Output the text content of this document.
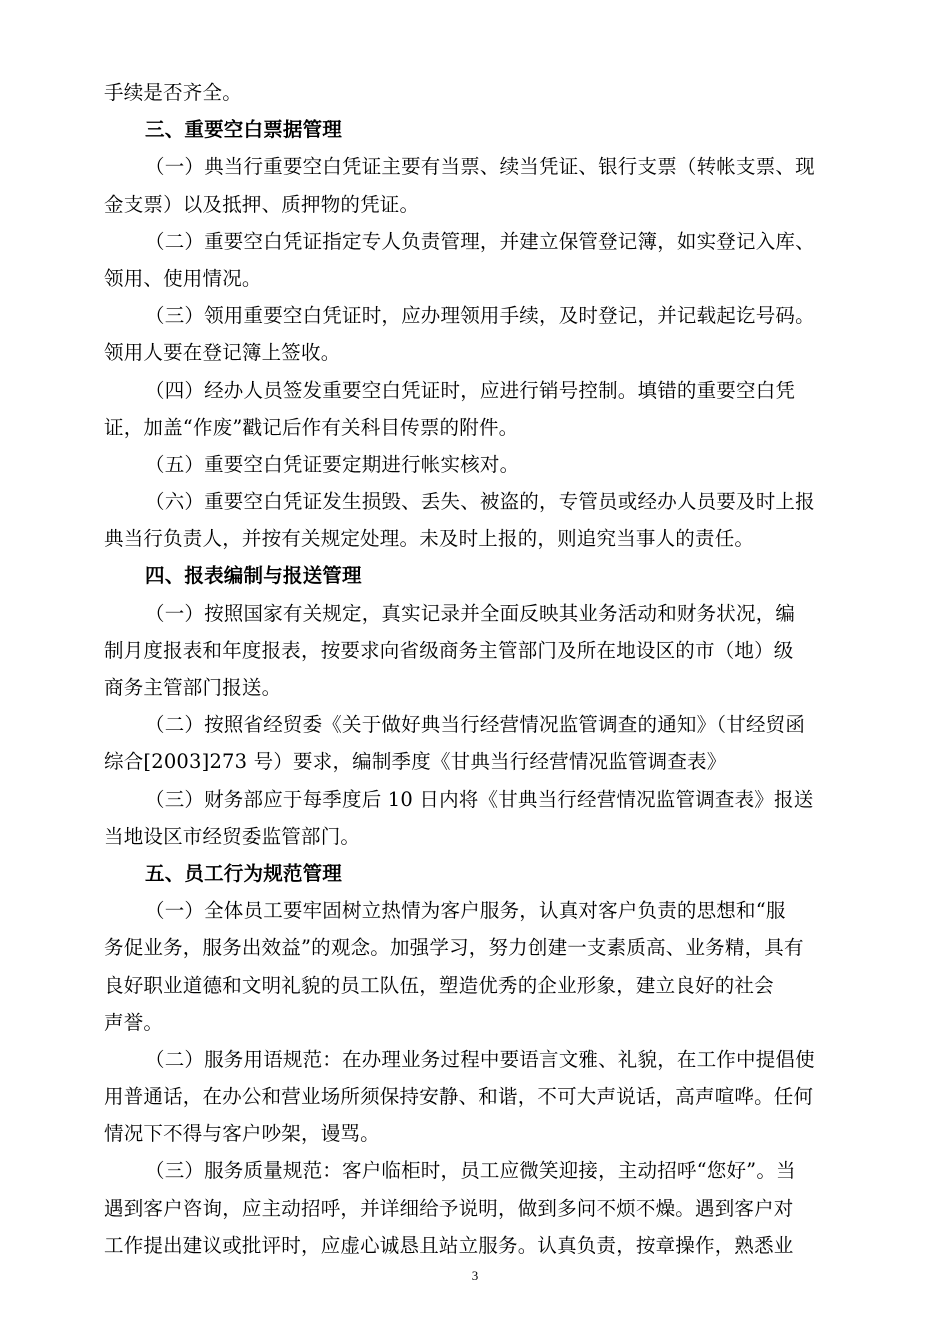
手续是否齐全。
三、重要空白票据管理
（一）典当行重要空白凭证主要有当票、续当凭证、银行支票（转帐支票、现
金支票）以及抵押、质押物的凭证。
（二）重要空白凭证指定专人负责管理，并建立保管登记簿，如实登记入库、
领用、使用情况。
（三）领用重要空白凭证时，应办理领用手续，及时登记，并记载起讫号码。
领用人要在登记簿上签收。
（四）经办人员签发重要空白凭证时，应进行销号控制。填错的重要空白凭
证，加盖“作废”戳记后作有关科目传票的附件。
（五）重要空白凭证要定期进行帐实核对。
（六）重要空白凭证发生损毁、丢失、被盗的，专管员或经办人员要及时上报
典当行负责人，并按有关规定处理。未及时上报的，则追究当事人的责任。
四、报表编制与报送管理
（一）按照国家有关规定，真实记录并全面反映其业务活动和财务状况，编
制月度报表和年度报表，按要求向省级商务主管部门及所在地设区的市（地）级
商务主管部门报送。
（二）按照省经贸委《关于做好典当行经营情况监管调查的通知》（甘经贸函
综合[2003]273 号）要求，编制季度《甘典当行经营情况监管调查表》
（三）财务部应于每季度后 10 日内将《甘典当行经营情况监管调查表》报送
当地设区市经贸委监管部门。
五、员工行为规范管理
（一）全体员工要牢固树立热情为客户服务，认真对客户负责的思想和“服
务促业务，服务出效益”的观念。加强学习，努力创建一支素质高、业务精，具有
良好职业道德和文明礼貌的员工队伍，塑造优秀的企业形象，建立良好的社会
声誉。
（二）服务用语规范：在办理业务过程中要语言文雅、礼貌，在工作中提倡使
用普通话，在办公和营业场所须保持安静、和谐，不可大声说话，高声喧哗。任何
情况下不得与客户吵架，谩骂。
（三）服务质量规范：客户临柜时，员工应微笑迎接，主动招呼“您好”。当
遇到客户咨询，应主动招呼，并详细给予说明，做到多问不烦不燥。遇到客户对
工作提出建议或批评时，应虚心诚恳且站立服务。认真负责，按章操作，熟悉业
3
